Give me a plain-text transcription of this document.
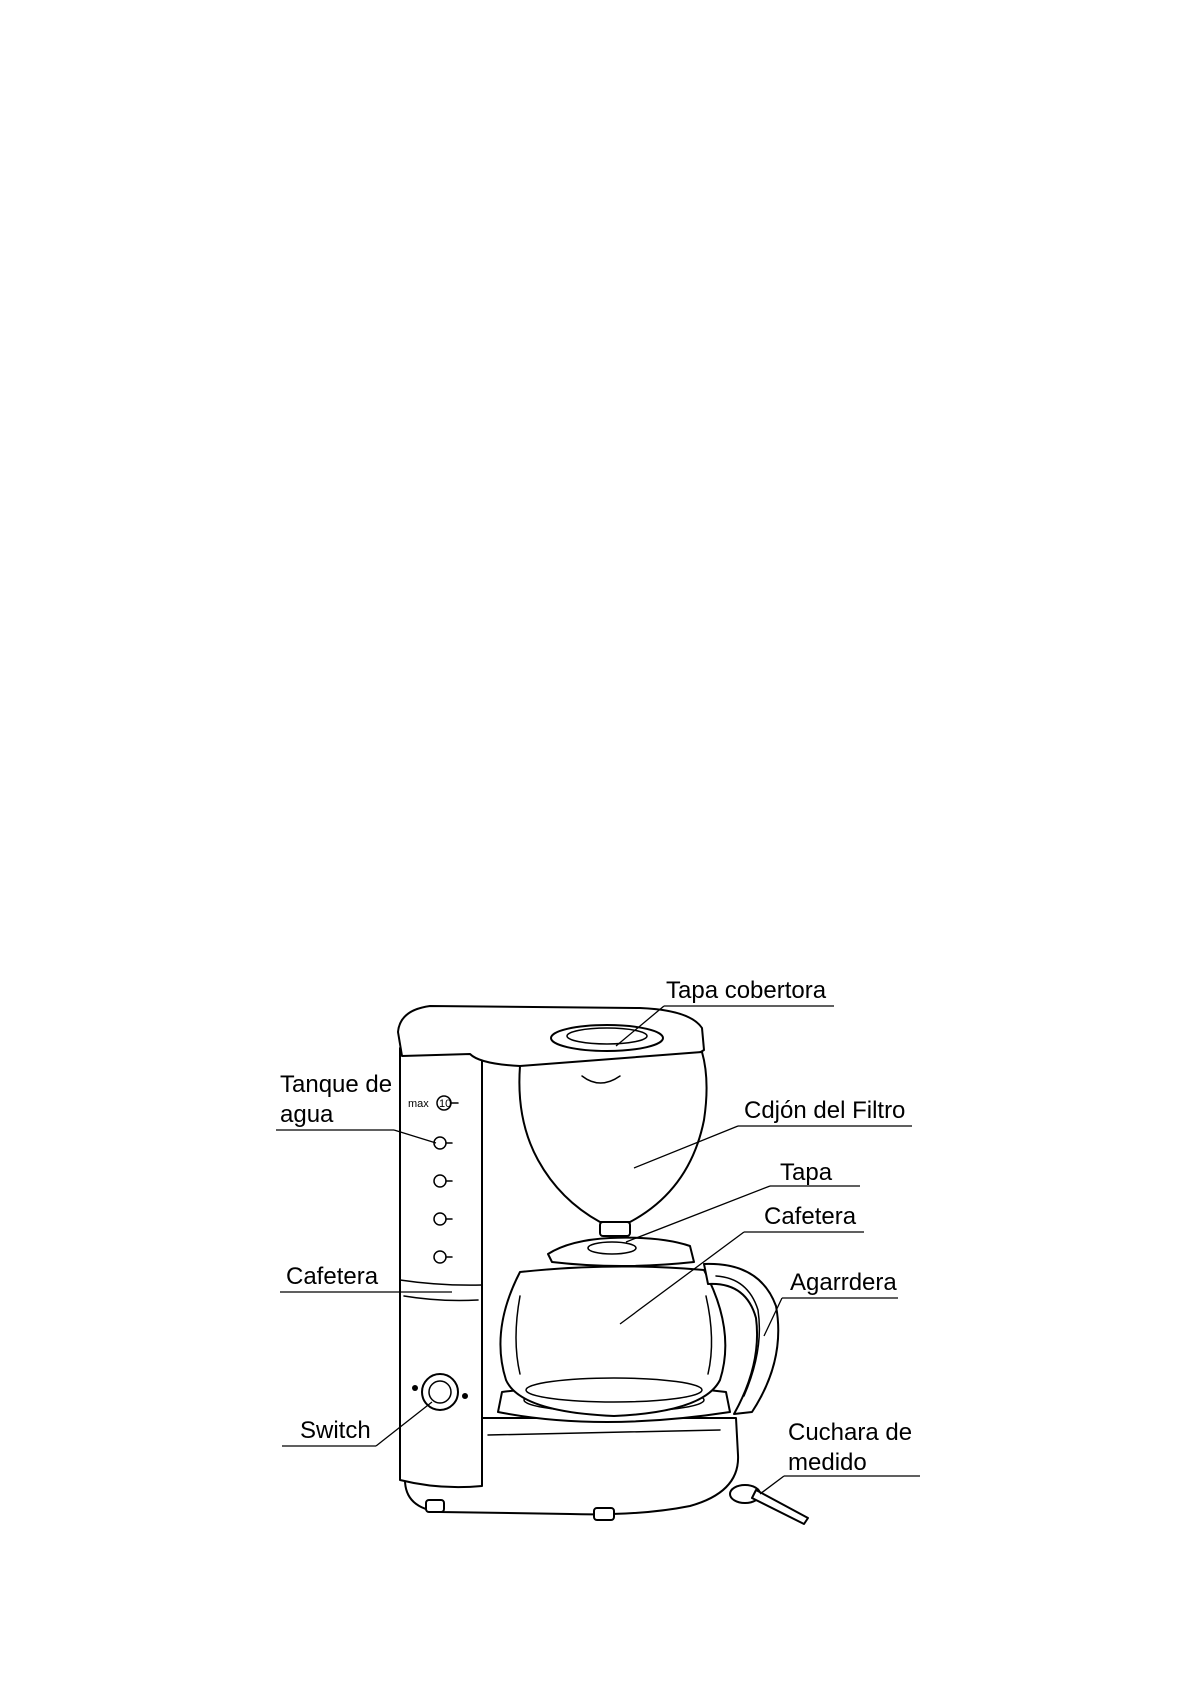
max 10
Tapa cobertora
Tanque de
agua	Cdjón del Filtro
Tapa
Cafetera
Cafetera	Agarrdera
Switch	Cuchara de
medido
